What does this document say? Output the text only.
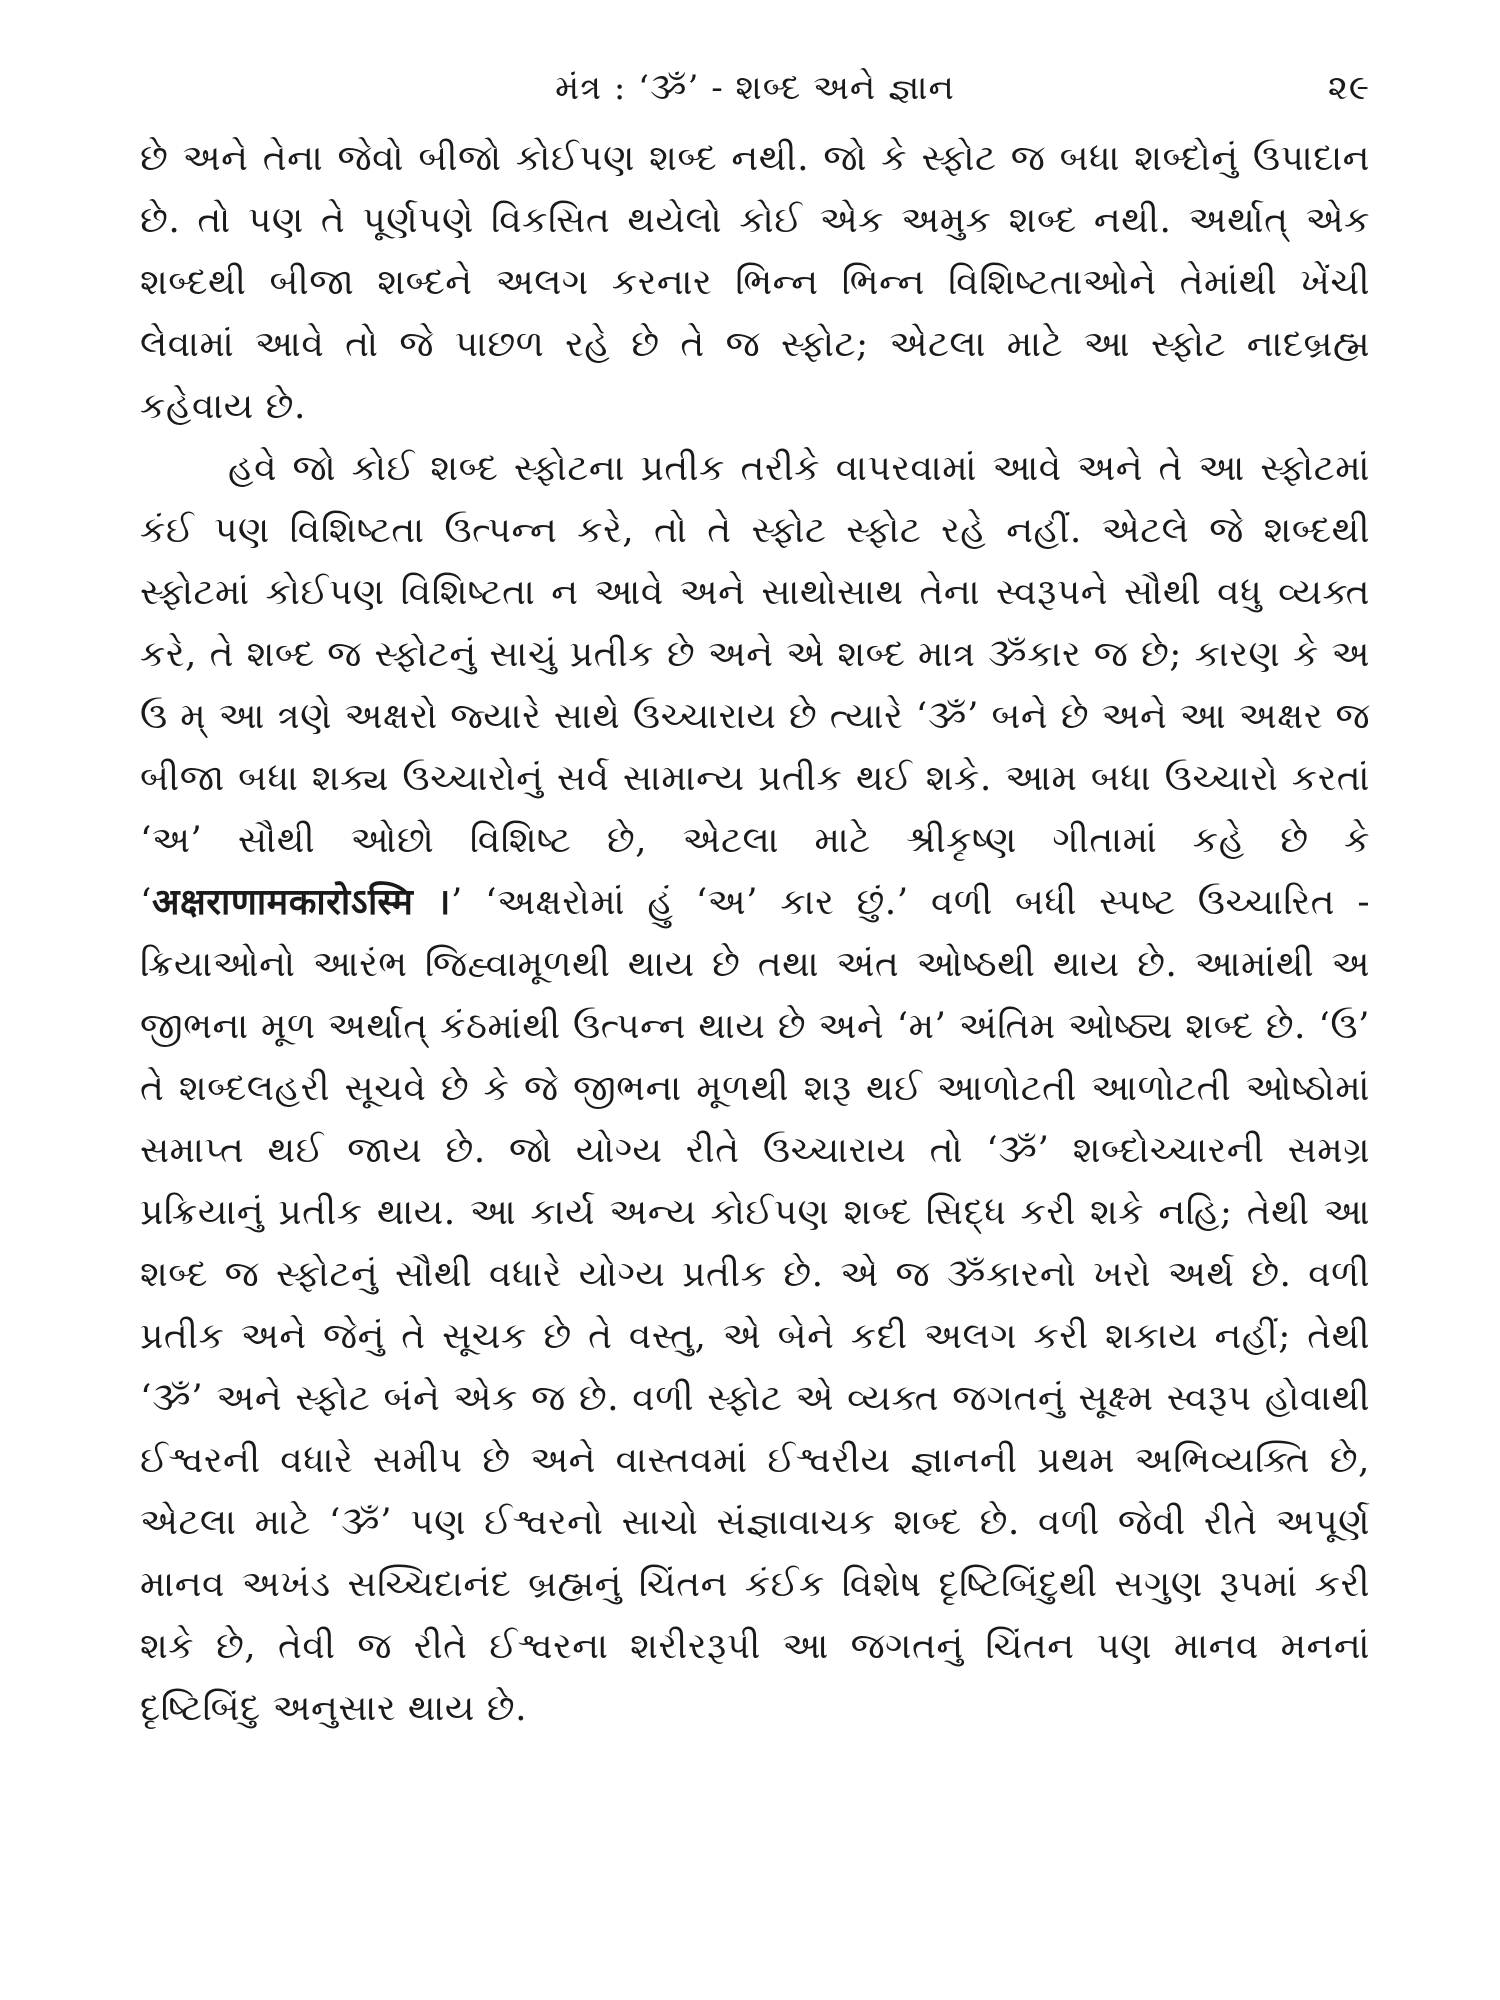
મંત્ર : ‘ૐ’ - શબ્દ અને જ્ઞાન	૨૯

છે અને તેના જેવો બીજો કોઈપણ શબ્દ નથી. જો કે સ્ફોટ જ બધા શબ્દોનું ઉપાદાન છે. તો પણ તે પૂર્ણપણે વિકસિત થયેલો કોઈ એક અમુક શબ્દ નથી. અર્થાત્ એક શબ્દથી બીજા શબ્દને અલગ કરનાર ભિન્ન ભિન્ન વિશિષ્ટતાઓને તેમાંથી ખેંચી લેવામાં આવે તો જે પાછળ રહે છે તે જ સ્ફોટ; એટલા માટે આ સ્ફોટ નાદબ્રહ્મ કહેવાય છે.

હવે જો કોઈ શબ્દ સ્ફોટના પ્રતીક તરીકે વાપરવામાં આવે અને તે આ સ્ફોટમાં કંઈ પણ વિશિષ્ટતા ઉત્પન્ન કરે, તો તે સ્ફોટ સ્ફોટ રહે નહીં. એટલે જે શબ્દથી સ્ફોટમાં કોઈપણ વિશિષ્ટતા ન આવે અને સાથોસાથ તેના સ્વરૂપને સૌથી વધુ વ્યક્ત કરે, તે શબ્દ જ સ્ફોટનું સાચું પ્રતીક છે અને એ શબ્દ માત્ર ૐકાર જ છે; કારણ કે અ ઉ મ્ આ ત્રણે અક્ષરો જ્યારે સાથે ઉચ્ચારાય છે ત્યારે ‘ૐ’ બને છે અને આ અક્ષર જ બીજા બધા શક્ય ઉચ્ચારોનું સર્વ સામાન્ય પ્રતીક થઈ શકે. આમ બધા ઉચ્ચારો કરતાં ‘અ’ સૌથી ઓછો વિશિષ્ટ છે, એટલા માટે શ્રીકૃષ્ણ ગીતામાં કહે છે કે ‘अक्षराणामकारोऽस्मि ।’ ‘અક્ષરોમાં હું ‘અ’ કાર છું.’ વળી બધી સ્પષ્ટ ઉચ્ચારિત - ક્રિયાઓનો આરંભ જિહ્વામૂળથી થાય છે તથા અંત ઓષ્ઠથી થાય છે. આમાંથી અ જીભના મૂળ અર્થાત્ કંઠમાંથી ઉત્પન્ન થાય છે અને ‘મ’ અંતિમ ઓષ્ઠ્ય શબ્દ છે. ‘ઉ’ તે શબ્દલહરી સૂચવે છે કે જે જીભના મૂળથી શરૂ થઈ આળોટતી આળોટતી ઓષ્ઠોમાં સમાપ્ત થઈ જાય છે. જો યોગ્ય રીતે ઉચ્ચારાય તો ‘ૐ’ શબ્દોચ્ચારની સમગ્ર પ્રક્રિયાનું પ્રતીક થાય. આ કાર્ય અન્ય કોઈપણ શબ્દ સિદ્ધ કરી શકે નહિ; તેથી આ શબ્દ જ સ્ફોટનું સૌથી વધારે યોગ્ય પ્રતીક છે. એ જ ૐકારનો ખરો અર્થ છે. વળી પ્રતીક અને જેનું તે સૂચક છે તે વસ્તુ, એ બેને કદી અલગ કરી શકાય નહીં; તેથી ‘ૐ’ અને સ્ફોટ બંને એક જ છે. વળી સ્ફોટ એ વ્યક્ત જગતનું સૂક્ષ્મ સ્વરૂપ હોવાથી ઈશ્વરની વધારે સમીપ છે અને વાસ્તવમાં ઈશ્વરીય જ્ઞાનની પ્રથમ અભિવ્યક્તિ છે, એટલા માટે ‘ૐ’ પણ ઈશ્વરનો સાચો સંજ્ઞાવાચક શબ્દ છે. વળી જેવી રીતે અપૂર્ણ માનવ અખંડ સચ્ચિદાનંદ બ્રહ્મનું ચિંતન કંઈક વિશેષ દૃષ્ટિબિંદુથી સગુણ રૂપમાં કરી શકે છે, તેવી જ રીતે ઈશ્વરના શરીરરૂપી આ જગતનું ચિંતન પણ માનવ મનનાં દૃષ્ટિબિંદુ અનુસાર થાય છે.
